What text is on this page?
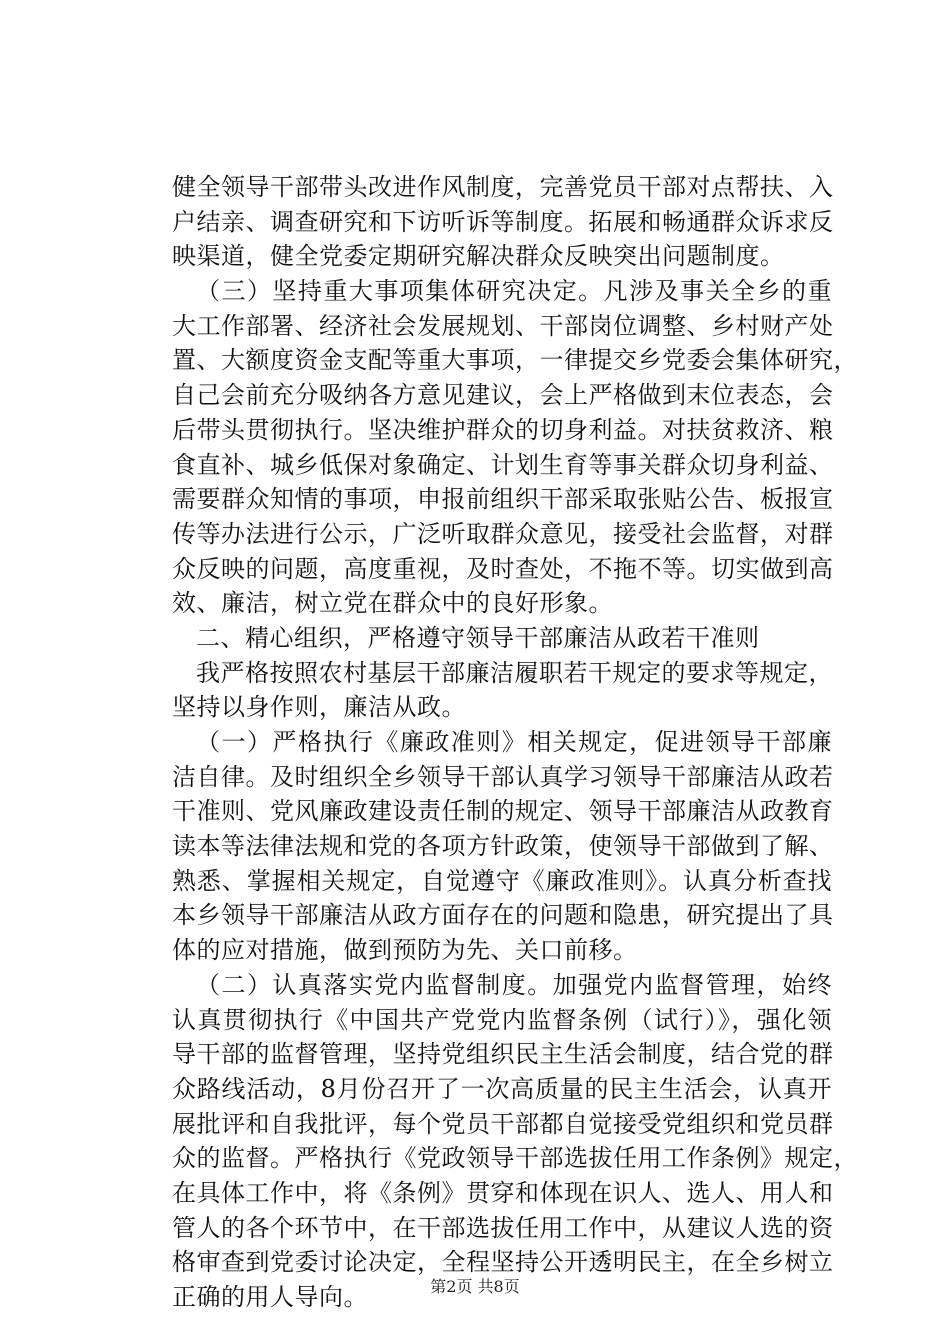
健全领导干部带头改进作风制度，完善党员干部对点帮扶、入
户结亲、调查研究和下访听诉等制度。拓展和畅通群众诉求反
映渠道，健全党委定期研究解决群众反映突出问题制度。
（三）坚持重大事项集体研究决定。凡涉及事关全乡的重
大工作部署、经济社会发展规划、干部岗位调整、乡村财产处
置、大额度资金支配等重大事项，一律提交乡党委会集体研究，
自己会前充分吸纳各方意见建议，会上严格做到末位表态，会
后带头贯彻执行。坚决维护群众的切身利益。对扶贫救济、粮
食直补、城乡低保对象确定、计划生育等事关群众切身利益、
需要群众知情的事项，申报前组织干部采取张贴公告、板报宣
传等办法进行公示，广泛听取群众意见，接受社会监督，对群
众反映的问题，高度重视，及时查处，不拖不等。切实做到高
效、廉洁，树立党在群众中的良好形象。
二、精心组织，严格遵守领导干部廉洁从政若干准则
我严格按照农村基层干部廉洁履职若干规定的要求等规定，
坚持以身作则，廉洁从政。
（一）严格执行《廉政准则》相关规定，促进领导干部廉
洁自律。及时组织全乡领导干部认真学习领导干部廉洁从政若
干准则、党风廉政建设责任制的规定、领导干部廉洁从政教育
读本等法律法规和党的各项方针政策，使领导干部做到了解、
熟悉、掌握相关规定，自觉遵守《廉政准则》。认真分析查找
本乡领导干部廉洁从政方面存在的问题和隐患，研究提出了具
体的应对措施，做到预防为先、关口前移。
（二）认真落实党内监督制度。加强党内监督管理，始终
认真贯彻执行《中国共产党党内监督条例（试行）》，强化领
导干部的监督管理，坚持党组织民主生活会制度，结合党的群
众路线活动，8月份召开了一次高质量的民主生活会，认真开
展批评和自我批评，每个党员干部都自觉接受党组织和党员群
众的监督。严格执行《党政领导干部选拔任用工作条例》规定，
在具体工作中，将《条例》贯穿和体现在识人、选人、用人和
管人的各个环节中，在干部选拔任用工作中，从建议人选的资
格审查到党委讨论决定，全程坚持公开透明民主，在全乡树立
正确的用人导向。	第2页 共8页
